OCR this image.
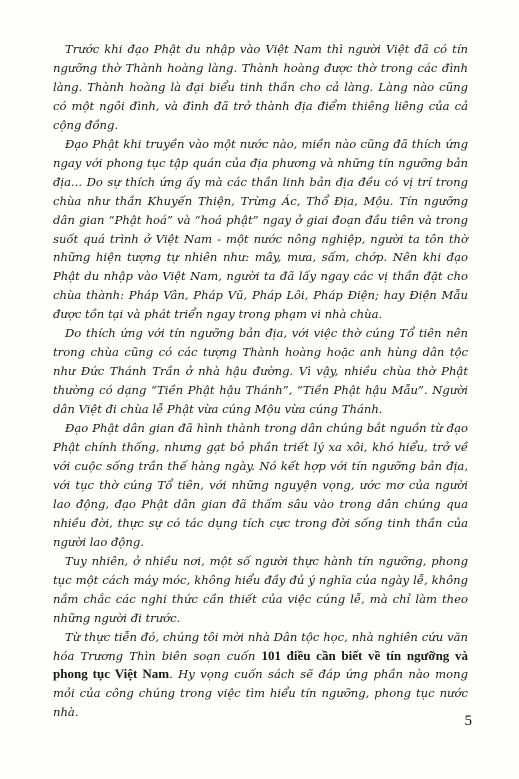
Trước khi đạo Phật du nhập vào Việt Nam thì người Việt đã có tín ngưỡng thờ Thành hoàng làng. Thành hoàng được thờ trong các đình làng. Thành hoàng là đại biểu tinh thần cho cả làng. Làng nào cũng có một ngôi đình, và đình đã trở thành địa điểm thiêng liêng của cả cộng đồng.

Đạo Phật khi truyền vào một nước nào, miền nào cũng đã thích ứng ngay với phong tục tập quán của địa phương và những tín ngưỡng bản địa... Do sự thích ứng ấy mà các thần linh bản địa đều có vị trí trong chùa như thần Khuyến Thiện, Trừng Ác, Thổ Địa, Mộu. Tín ngưỡng dân gian “Phật hoá” và “hoá phật” ngay ở giai đoạn đầu tiên và trong suốt quá trình ở Việt Nam - một nước nông nghiệp, người ta tôn thờ những hiện tượng tự nhiên như: mây, mưa, sấm, chớp. Nên khi đạo Phật du nhập vào Việt Nam, người ta đã lấy ngay các vị thần đặt cho chùa thành: Pháp Vân, Pháp Vũ, Pháp Lôi, Pháp Điện; hay Điện Mẫu được tồn tại và phát triển ngay trong phạm vi nhà chùa.

Do thích ứng với tín ngưỡng bản địa, với việc thờ cúng Tổ tiên nên trong chùa cũng có các tượng Thành hoàng hoặc anh hùng dân tộc như Đức Thánh Trần ở nhà hậu đường. Vì vậy, nhiều chùa thờ Phật thường có dạng “Tiền Phật hậu Thánh”, “Tiền Phật hậu Mẫu”. Người dân Việt đi chùa lễ Phật vừa cúng Mộu vừa cúng Thánh.

Đạo Phật dân gian đã hình thành trong dân chúng bắt nguồn từ đạo Phật chính thống, nhưng gạt bỏ phần triết lý xa xôi, khó hiểu, trở về với cuộc sống trần thế hàng ngày. Nó kết hợp với tín ngưỡng bản địa, với tục thờ cúng Tổ tiên, với những nguyện vọng, ước mơ của người lao động, đạo Phật dân gian đã thấm sâu vào trong dân chúng qua nhiều đời, thực sự có tác dụng tích cực trong đời sống tinh thần của người lao động.

Tuy nhiên, ở nhiều nơi, một số người thực hành tín ngưỡng, phong tục một cách máy móc, không hiểu đầy đủ ý nghĩa của ngày lễ, không nắm chắc các nghi thức cần thiết của việc cúng lễ, mà chỉ làm theo những người đi trước.

Từ thực tiễn đó, chúng tôi mời nhà Dân tộc học, nhà nghiên cứu văn hóa Trương Thìn biên soạn cuốn 101 điều cần biết về tín ngưỡng và phong tục Việt Nam. Hy vọng cuốn sách sẽ đáp ứng phần nào mong mỏi của công chúng trong việc tìm hiểu tín ngưỡng, phong tục nước nhà.

5
